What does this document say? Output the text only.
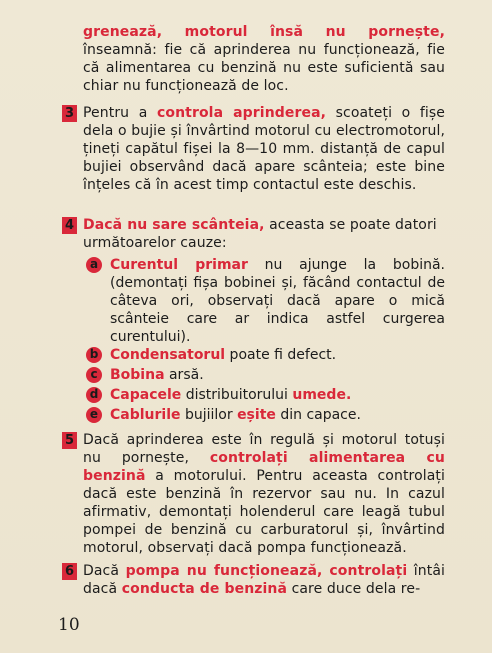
grenează, motorul însă nu pornește, înseamnă: fie că aprinderea nu funcționează, fie că alimentarea cu benzină nu este suficientă sau chiar nu funcționează de loc.
3 Pentru a controla aprinderea, scoateți o fișe dela o bujie și învârtind motorul cu electromotorul, țineți capătul fișei la 8—10 mm. distanță de capul bujiei observând dacă apare scânteia; este bine înțeles că în acest timp contactul este deschis.
4 Dacă nu sare scânteia, aceasta se poate datori următoarelor cauze:
a Curentul primar nu ajunge la bobină. (demontați fișa bobinei și, făcând contactul de câteva ori, observați dacă apare o mică scânteie care ar indica astfel curgerea curentului).
b Condensatorul poate fi defect.
c Bobina arsă.
d Capacele distribuitorului umede.
e Cablurile bujiilor eșite din capace.
5 Dacă aprinderea este în regulă și motorul totuși nu pornește, controlați alimentarea cu benzină a motorului. Pentru aceasta controlați dacă este benzină în rezervor sau nu. In cazul afirmativ, demontați holenderul care leagă tubul pompei de benzină cu carburatorul și, învârtind motorul, observați dacă pompa funcționează.
6 Dacă pompa nu funcționează, controlați întâi dacă conducta de benzină care duce dela re-
10
